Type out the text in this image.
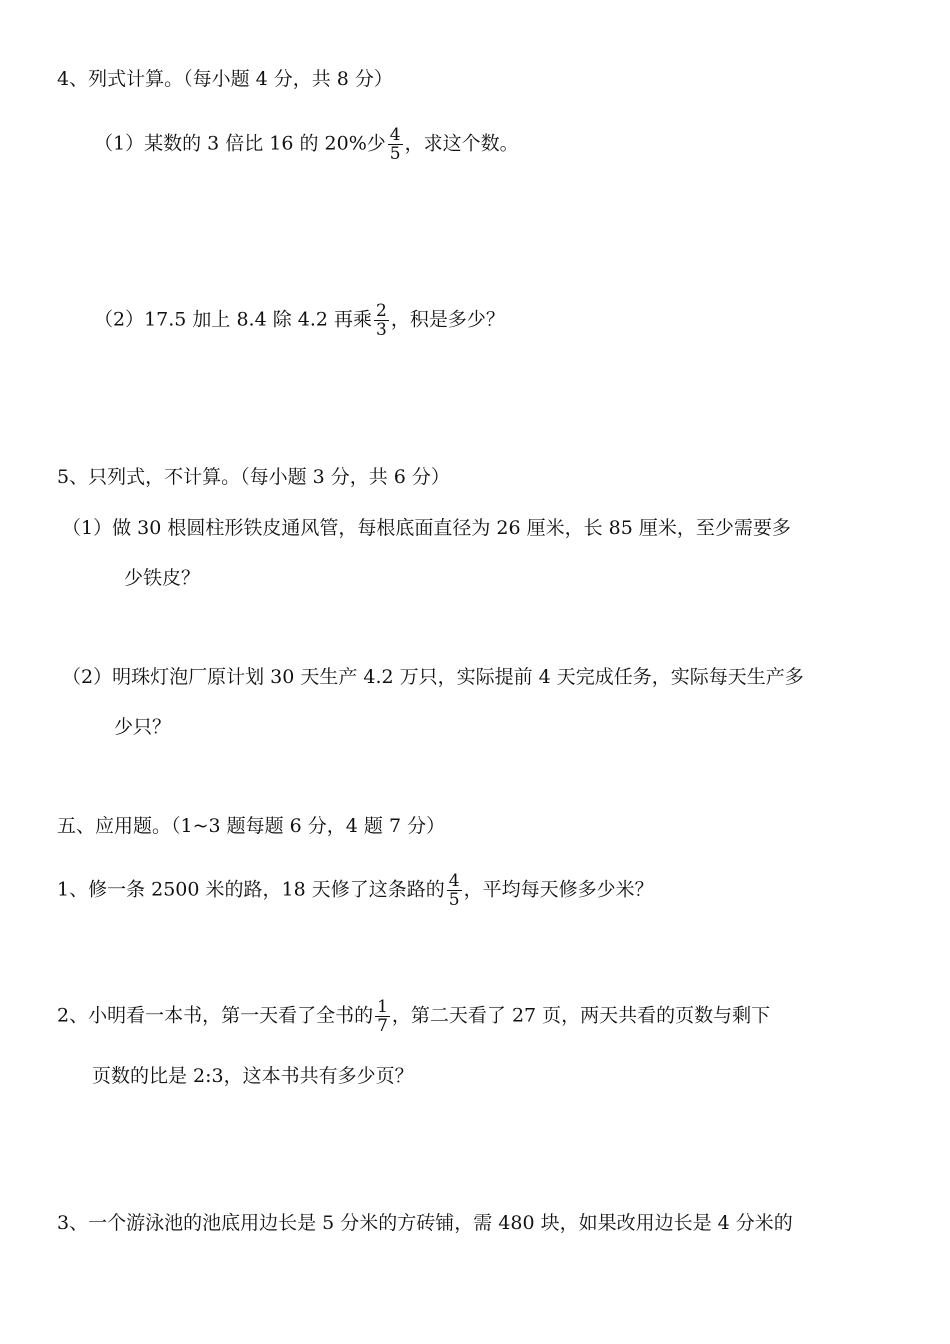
4、列式计算。（每小题 4 分，共 8 分）
（1）某数的 3 倍比 16 的 20%少 $\frac{4}{5}$ ，求这个数。
（2）17.5 加上 8.4 除 4.2 再乘 $\frac{2}{3}$ ，积是多少？
5、只列式，不计算。（每小题 3 分，共 6 分）
（1）做 30 根圆柱形铁皮通风管，每根底面直径为 26 厘米，长 85 厘米，至少需要多
少铁皮？
（2）明珠灯泡厂原计划 30 天生产 4.2 万只，实际提前 4 天完成任务，实际每天生产多
少只？
五、应用题。（1~3 题每题 6 分，4 题 7 分）
1、修一条 2500 米的路，18 天修了这条路的 $\frac{4}{5}$ ，平均每天修多少米？
2、小明看一本书，第一天看了全书的 $\frac{1}{7}$ ，第二天看了 27 页，两天共看的页数与剩下
页数的比是 2:3，这本书共有多少页？
3、一个游泳池的池底用边长是 5 分米的方砖铺，需 480 块，如果改用边长是 4 分米的
